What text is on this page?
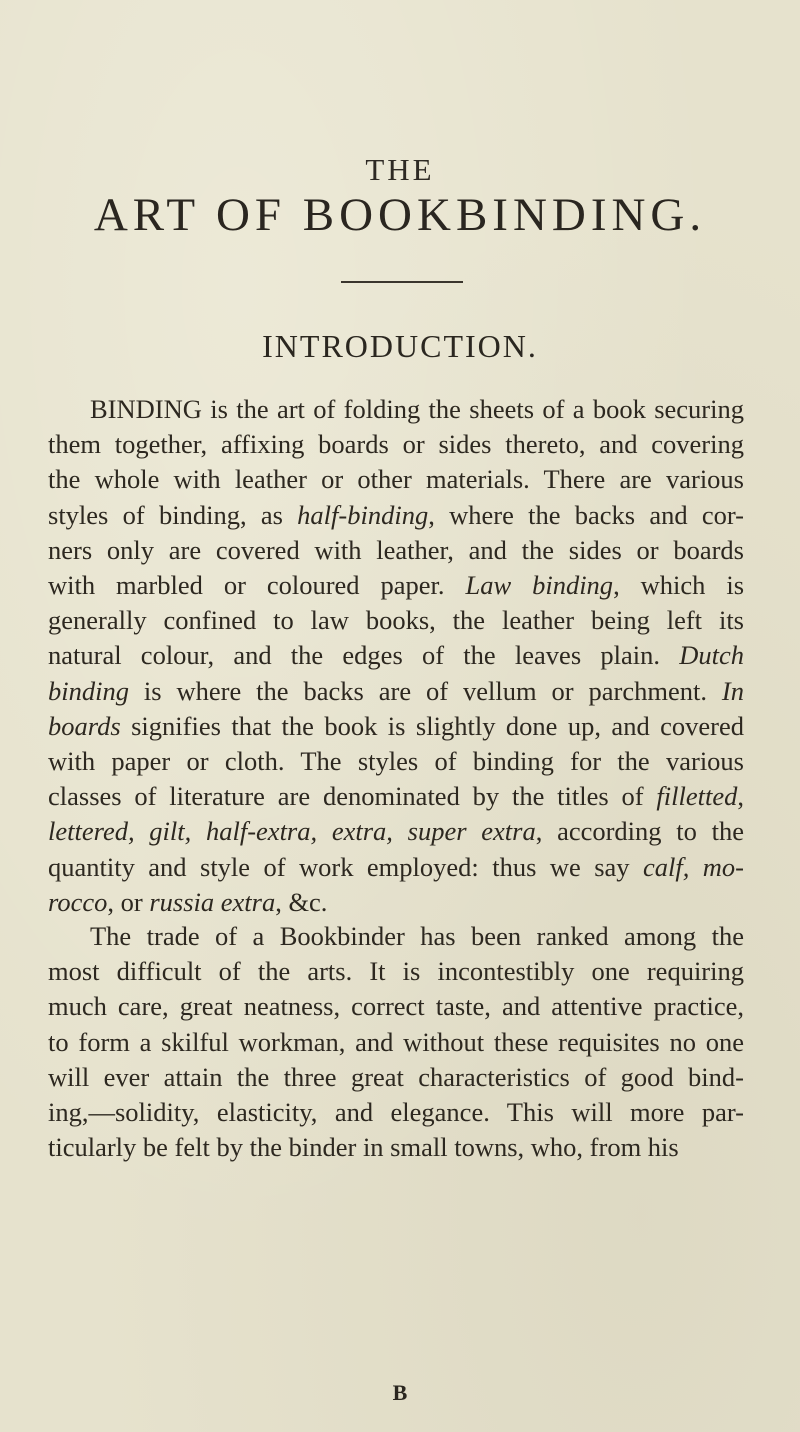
THE
ART OF BOOKBINDING.
INTRODUCTION.
BINDING is the art of folding the sheets of a book securing
them together, affixing boards or sides thereto, and covering
the whole with leather or other materials. There are various
styles of binding, as half-binding, where the backs and cor-
ners only are covered with leather, and the sides or boards
with marbled or coloured paper. Law binding, which is
generally confined to law books, the leather being left its
natural colour, and the edges of the leaves plain. Dutch
binding is where the backs are of vellum or parchment. In
boards signifies that the book is slightly done up, and covered
with paper or cloth. The styles of binding for the various
classes of literature are denominated by the titles of filletted,
lettered, gilt, half-extra, extra, super extra, according to the
quantity and style of work employed: thus we say calf, mo-
rocco, or russia extra, &c.
The trade of a Bookbinder has been ranked among the
most difficult of the arts. It is incontestibly one requiring
much care, great neatness, correct taste, and attentive practice,
to form a skilful workman, and without these requisites no one
will ever attain the three great characteristics of good bind-
ing,—solidity, elasticity, and elegance. This will more par-
ticularly be felt by the binder in small towns, who, from his
B
